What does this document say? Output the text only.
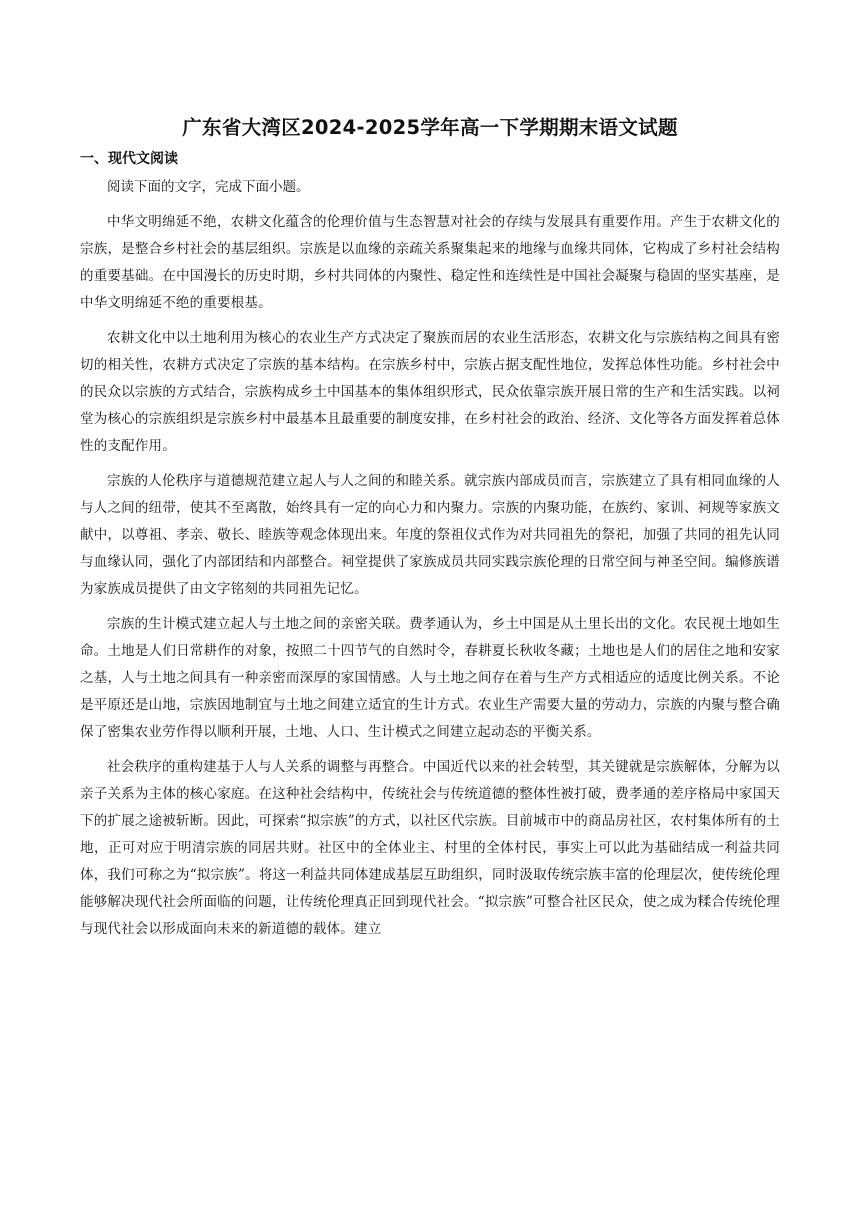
广东省大湾区2024-2025学年高一下学期期末语文试题
一、现代文阅读

阅读下面的文字，完成下面小题。

中华文明绵延不绝，农耕文化蕴含的伦理价值与生态智慧对社会的存续与发展具有重要作用。产生于农耕文化的宗族，是整合乡村社会的基层组织。宗族是以血缘的亲疏关系聚集起来的地缘与血缘共同体，它构成了乡村社会结构的重要基础。在中国漫长的历史时期，乡村共同体的内聚性、稳定性和连续性是中国社会凝聚与稳固的坚实基座，是中华文明绵延不绝的重要根基。

农耕文化中以土地利用为核心的农业生产方式决定了聚族而居的农业生活形态，农耕文化与宗族结构之间具有密切的相关性，农耕方式决定了宗族的基本结构。在宗族乡村中，宗族占据支配性地位，发挥总体性功能。乡村社会中的民众以宗族的方式结合，宗族构成乡土中国基本的集体组织形式，民众依靠宗族开展日常的生产和生活实践。以祠堂为核心的宗族组织是宗族乡村中最基本且最重要的制度安排，在乡村社会的政治、经济、文化等各方面发挥着总体性的支配作用。

宗族的人伦秩序与道德规范建立起人与人之间的和睦关系。就宗族内部成员而言，宗族建立了具有相同血缘的人与人之间的纽带，使其不至离散，始终具有一定的向心力和内聚力。宗族的内聚功能，在族约、家训、祠规等家族文献中，以尊祖、孝亲、敬长、睦族等观念体现出来。年度的祭祖仪式作为对共同祖先的祭祀，加强了共同的祖先认同与血缘认同，强化了内部团结和内部整合。祠堂提供了家族成员共同实践宗族伦理的日常空间与神圣空间。编修族谱为家族成员提供了由文字铭刻的共同祖先记忆。

宗族的生计模式建立起人与土地之间的亲密关联。费孝通认为，乡土中国是从土里长出的文化。农民视土地如生命。土地是人们日常耕作的对象，按照二十四节气的自然时令，春耕夏长秋收冬藏；土地也是人们的居住之地和安家之基，人与土地之间具有一种亲密而深厚的家国情感。人与土地之间存在着与生产方式相适应的适度比例关系。不论是平原还是山地，宗族因地制宜与土地之间建立适宜的生计方式。农业生产需要大量的劳动力，宗族的内聚与整合确保了密集农业劳作得以顺利开展，土地、人口、生计模式之间建立起动态的平衡关系。

社会秩序的重构建基于人与人关系的调整与再整合。中国近代以来的社会转型，其关键就是宗族解体，分解为以亲子关系为主体的核心家庭。在这种社会结构中，传统社会与传统道德的整体性被打破，费孝通的差序格局中家国天下的扩展之途被斩断。因此，可探索“拟宗族”的方式，以社区代宗族。目前城市中的商品房社区，农村集体所有的土地，正可对应于明清宗族的同居共财。社区中的全体业主、村里的全体村民，事实上可以此为基础结成一利益共同体，我们可称之为“拟宗族”。将这一利益共同体建成基层互助组织，同时汲取传统宗族丰富的伦理层次，使传统伦理能够解决现代社会所面临的问题，让传统伦理真正回到现代社会。“拟宗族”可整合社区民众，使之成为糅合传统伦理与现代社会以形成面向未来的新道德的载体。建立
